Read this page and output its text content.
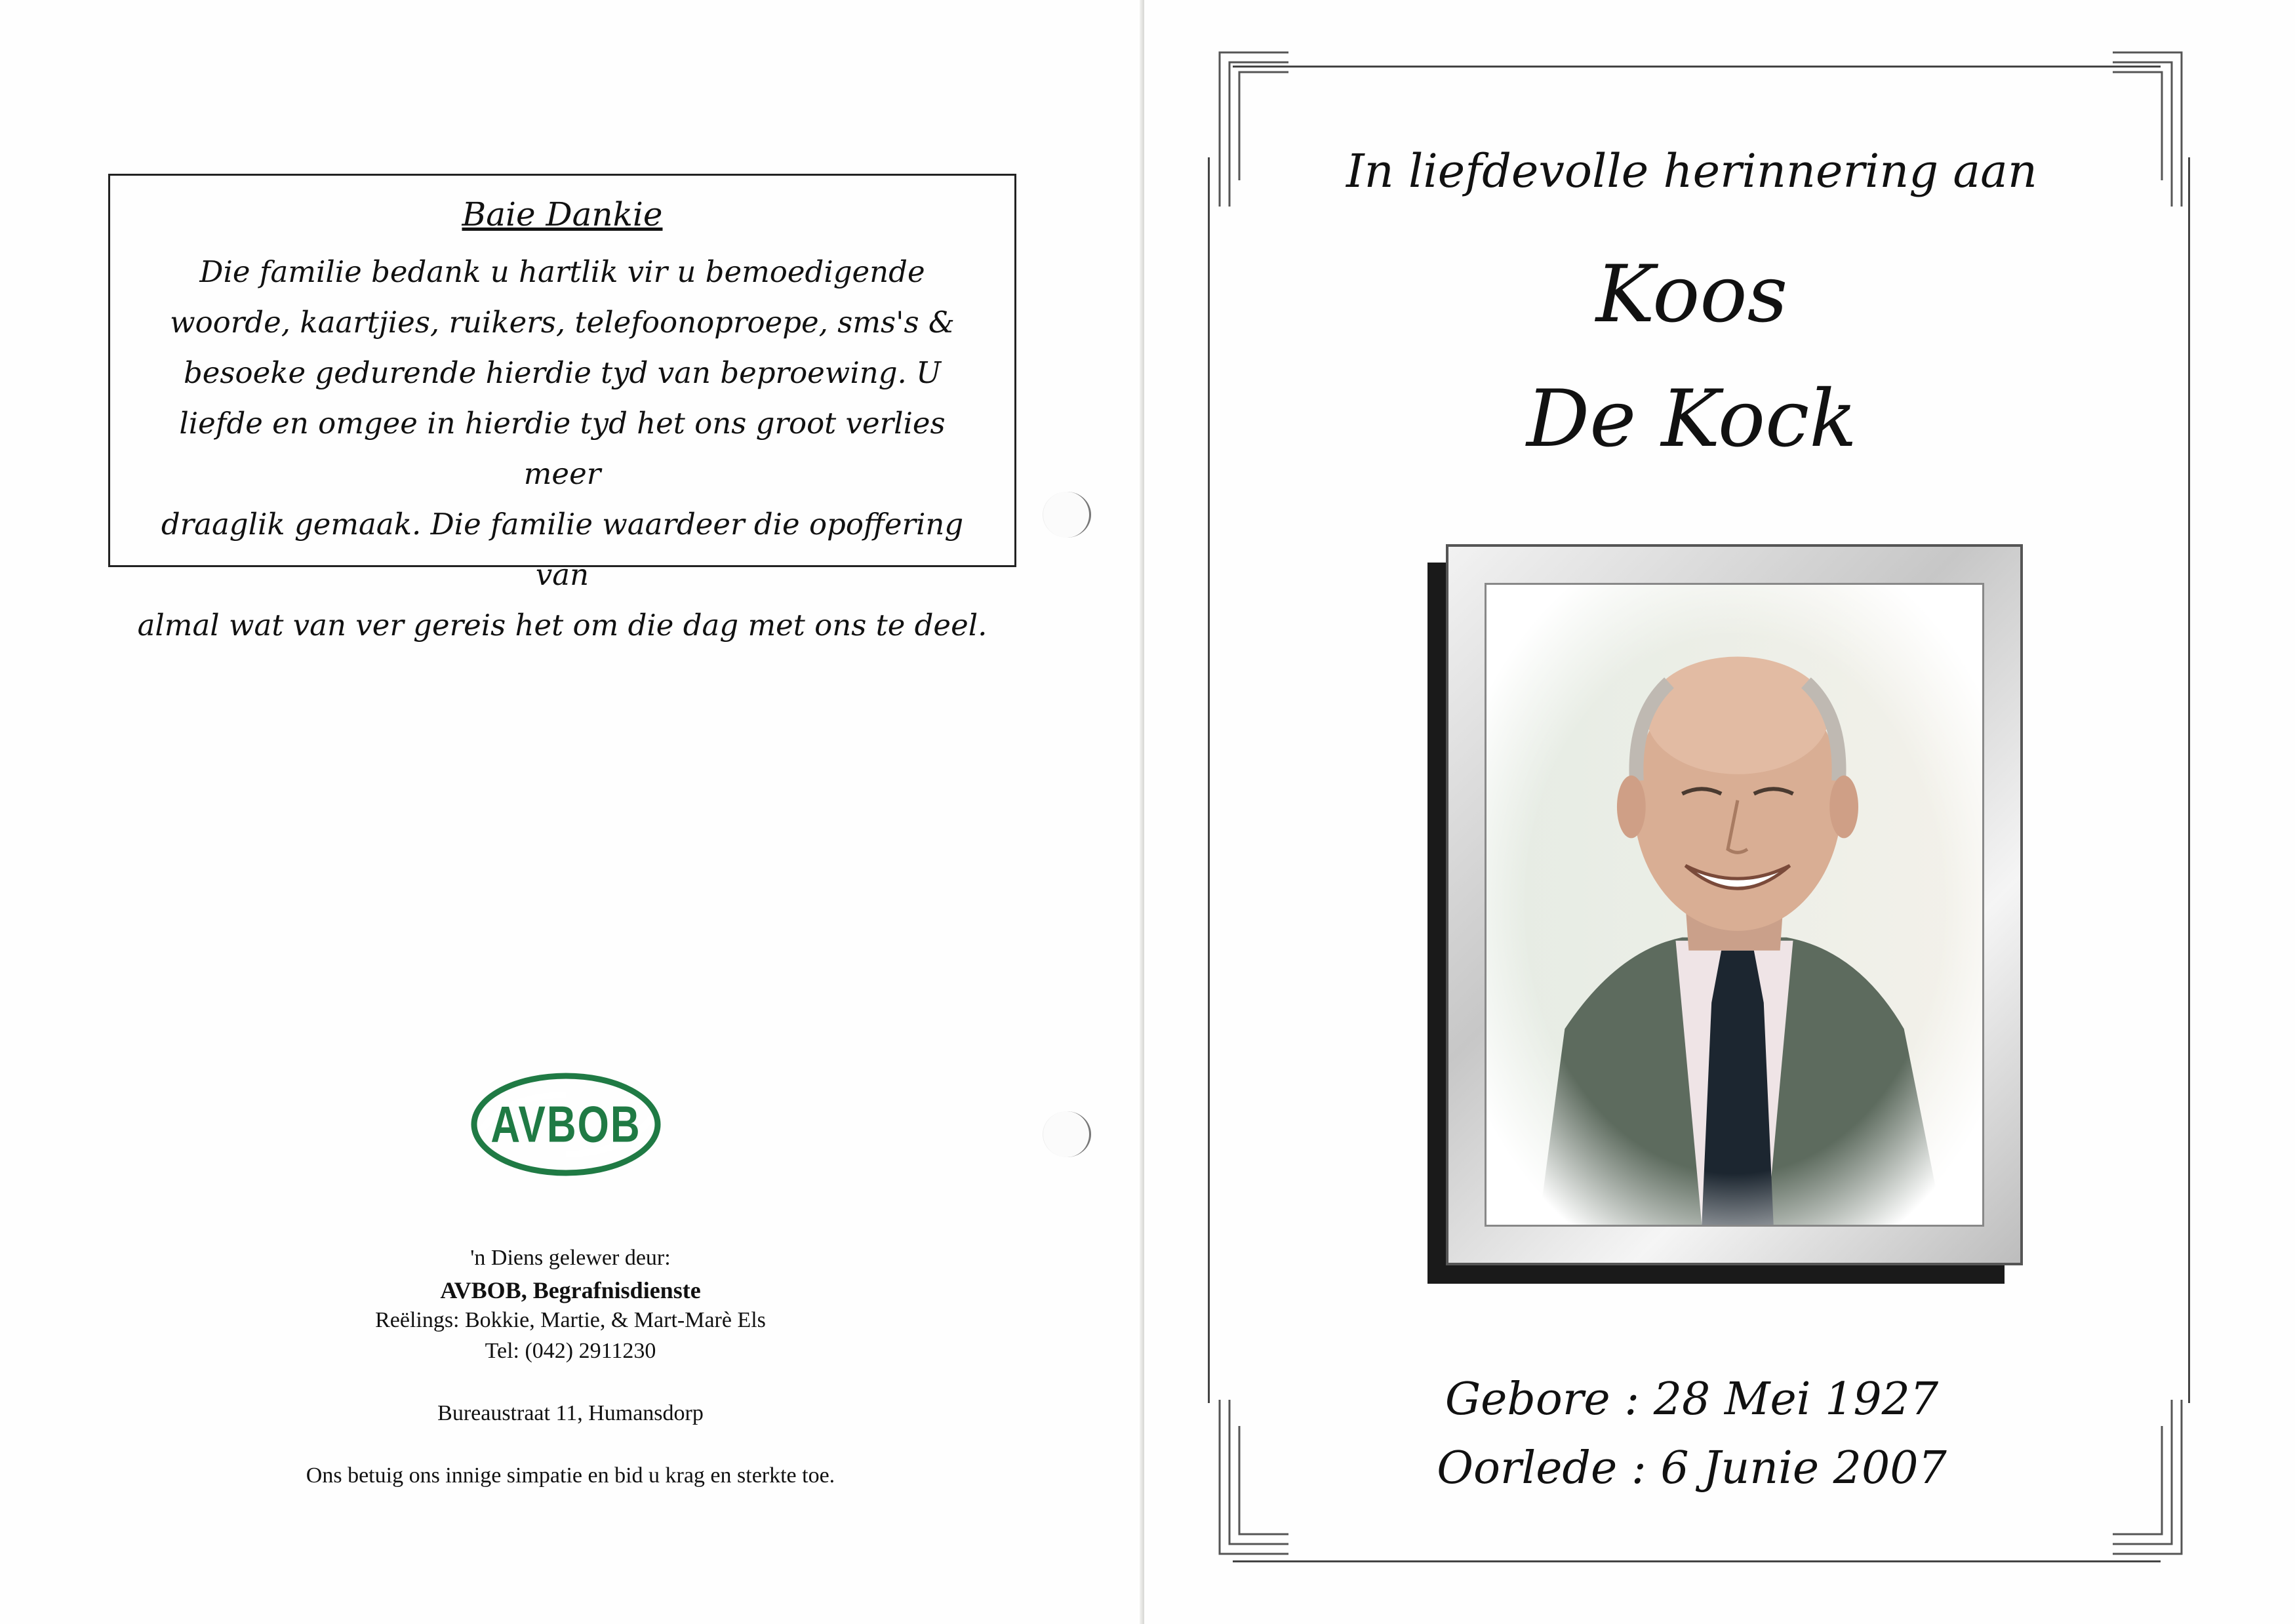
Baie Dankie
Die familie bedank u hartlik vir u bemoedigende
woorde, kaartjies, ruikers, telefoonoproepe, sms's &
besoeke gedurende hierdie tyd van beproewing. U
liefde en omgee in hierdie tyd het ons groot verlies meer
draaglik gemaak. Die familie waardeer die opoffering van
almal wat van ver gereis het om die dag met ons te deel.
AVBOB
'n Diens gelewer deur:
AVBOB, Begrafnisdienste
Reëlings: Bokkie, Martie, & Mart-Marè Els
Tel: (042) 2911230
Bureaustraat 11, Humansdorp
Ons betuig ons innige simpatie en bid u krag en sterkte toe.
In liefdevolle herinnering aan
Koos
De Kock
Gebore : 28 Mei 1927
Oorlede : 6 Junie 2007
